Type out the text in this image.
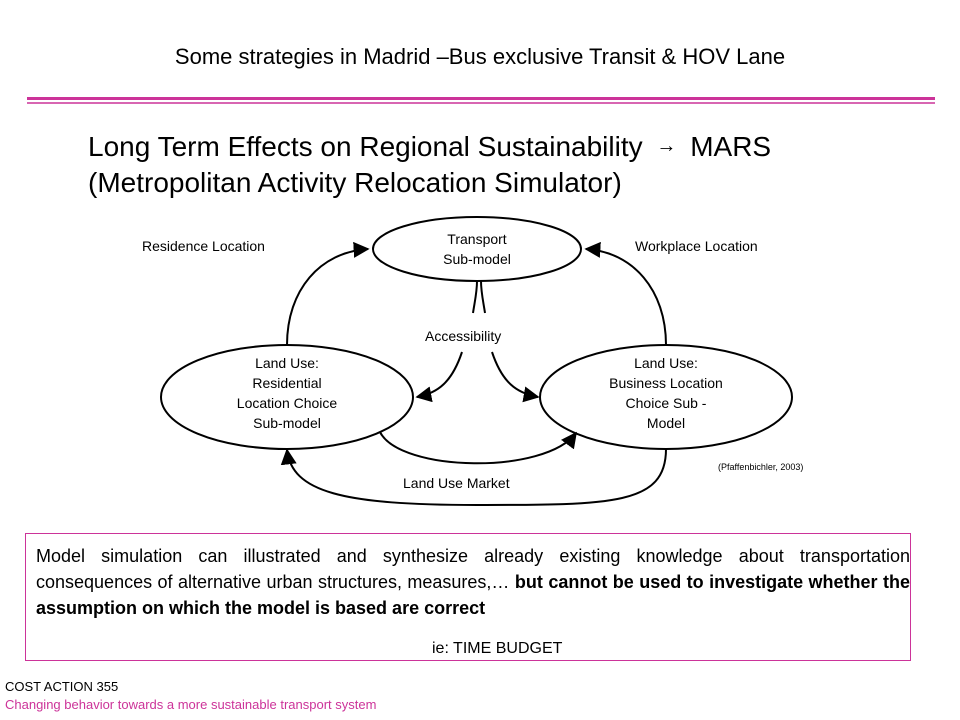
Some strategies in Madrid –Bus exclusive Transit & HOV Lane
Long Term Effects on Regional Sustainability → MARS
(Metropolitan Activity Relocation Simulator)
Transport
Sub-model
Land Use:
Residential
Location Choice
Sub-model
Land Use:
Business Location
Choice Sub -
Model
Residence Location	Workplace Location
Accessibility
Land Use Market
(Pfaffenbichler, 2003)
Model simulation can illustrated and synthesize already existing knowledge about transportation consequences of alternative urban structures, measures,… but cannot be used to investigate whether the assumption on which the model is based are correct
ie: TIME BUDGET
COST ACTION 355
Changing behavior towards a more sustainable transport system
